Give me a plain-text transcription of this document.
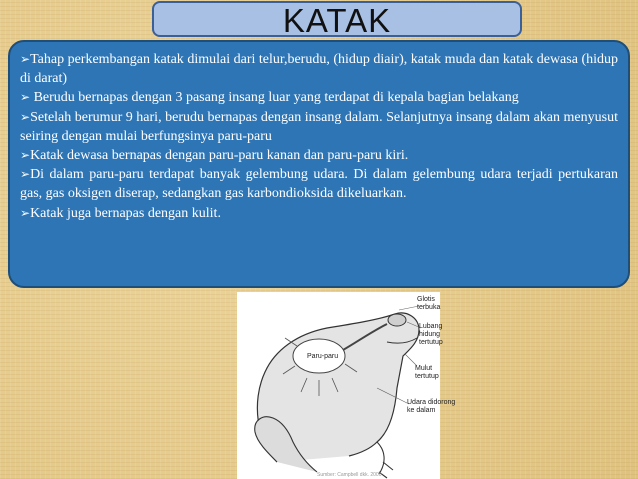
KATAK

➢Tahap perkembangan katak dimulai dari telur,berudu, (hidup diair), katak muda dan katak dewasa (hidup di darat)

➢ Berudu bernapas dengan 3 pasang insang luar yang terdapat di kepala bagian belakang

➢Setelah berumur 9 hari, berudu bernapas dengan insang dalam. Selanjutnya insang dalam akan menyusut seiring dengan mulai berfungsinya paru-paru

➢Katak dewasa bernapas dengan paru-paru kanan dan paru-paru kiri.

➢Di dalam paru-paru terdapat banyak gelembung udara. Di dalam gelembung udara terjadi pertukaran gas, gas oksigen diserap, sedangkan gas karbondioksida dikeluarkan.

➢Katak juga bernapas dengan kulit.

Paru-paru
Glotis
terbuka
Lubang
hidung
tertutup
Mulut
tertutup
Udara didorong
ke dalam
Sumber: Campbell dkk. 2000
